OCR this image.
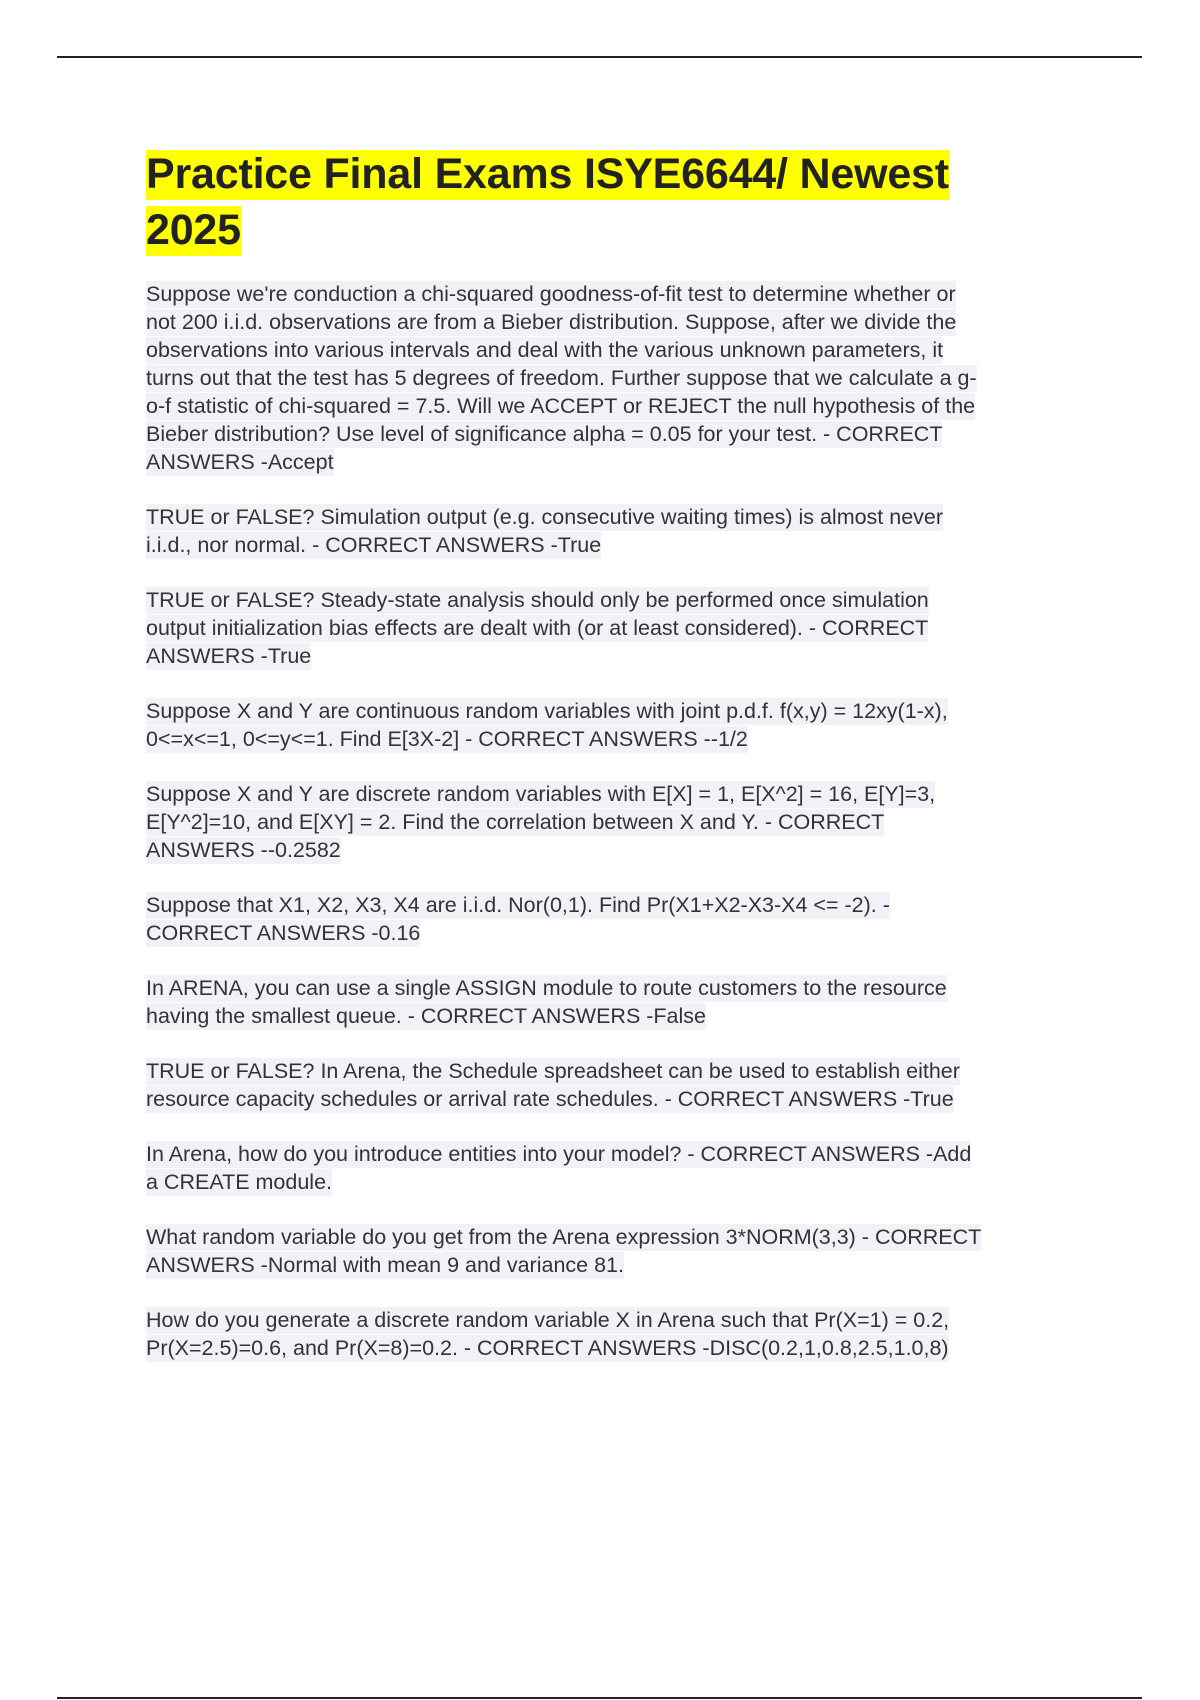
Practice Final Exams ISYE6644/ Newest
2025

Suppose we're conduction a chi-squared goodness-of-fit test to determine whether or
not 200 i.i.d. observations are from a Bieber distribution. Suppose, after we divide the
observations into various intervals and deal with the various unknown parameters, it
turns out that the test has 5 degrees of freedom. Further suppose that we calculate a g-
o-f statistic of chi-squared = 7.5. Will we ACCEPT or REJECT the null hypothesis of the
Bieber distribution? Use level of significance alpha = 0.05 for your test. - CORRECT
ANSWERS -Accept

TRUE or FALSE? Simulation output (e.g. consecutive waiting times) is almost never
i.i.d., nor normal. - CORRECT ANSWERS -True

TRUE or FALSE? Steady-state analysis should only be performed once simulation
output initialization bias effects are dealt with (or at least considered). - CORRECT
ANSWERS -True

Suppose X and Y are continuous random variables with joint p.d.f. f(x,y) = 12xy(1-x),
0<=x<=1, 0<=y<=1. Find E[3X-2] - CORRECT ANSWERS --1/2

Suppose X and Y are discrete random variables with E[X] = 1, E[X^2] = 16, E[Y]=3,
E[Y^2]=10, and E[XY] = 2. Find the correlation between X and Y. - CORRECT
ANSWERS --0.2582

Suppose that X1, X2, X3, X4 are i.i.d. Nor(0,1). Find Pr(X1+X2-X3-X4 <= -2). -
CORRECT ANSWERS -0.16

In ARENA, you can use a single ASSIGN module to route customers to the resource
having the smallest queue. - CORRECT ANSWERS -False

TRUE or FALSE? In Arena, the Schedule spreadsheet can be used to establish either
resource capacity schedules or arrival rate schedules. - CORRECT ANSWERS -True

In Arena, how do you introduce entities into your model? - CORRECT ANSWERS -Add
a CREATE module.

What random variable do you get from the Arena expression 3*NORM(3,3) - CORRECT
ANSWERS -Normal with mean 9 and variance 81.

How do you generate a discrete random variable X in Arena such that Pr(X=1) = 0.2,
Pr(X=2.5)=0.6, and Pr(X=8)=0.2. - CORRECT ANSWERS -DISC(0.2,1,0.8,2.5,1.0,8)
